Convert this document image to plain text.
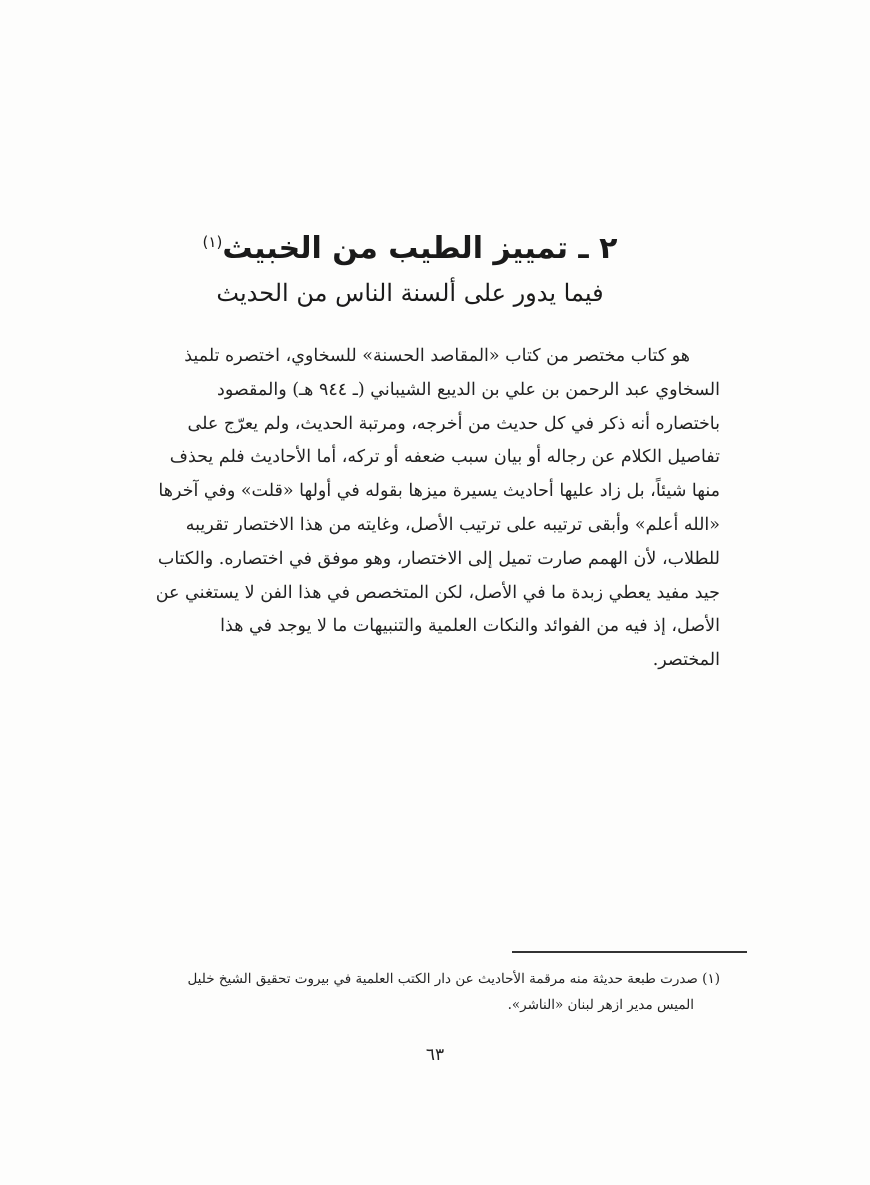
٢ ـ تمييز الطيب من الخبيث$^{(١)}$
فيما يدور على ألسنة الناس من الحديث
هو كتاب مختصر من كتاب «المقاصد الحسنة» للسخاوي، اختصره تلميذ
السخاوي عبد الرحمن بن علي بن الديبع الشيباني (ـ ٩٤٤ هـ) والمقصود
باختصاره أنه ذكر في كل حديث من أخرجه، ومرتبة الحديث، ولم يعرّج على
تفاصيل الكلام عن رجاله أو بيان سبب ضعفه أو تركه، أما الأحاديث فلم يحذف
منها شيئاً، بل زاد عليها أحاديث يسيرة ميزها بقوله في أولها «قلت» وفي آخرها
«الله أعلم» وأبقى ترتيبه على ترتيب الأصل، وغايته من هذا الاختصار تقريبه
للطلاب، لأن الهمم صارت تميل إلى الاختصار، وهو موفق في اختصاره. والكتاب
جيد مفيد يعطي زبدة ما في الأصل، لكن المتخصص في هذا الفن لا يستغني عن
الأصل، إذ فيه من الفوائد والنكات العلمية والتنبيهات ما لا يوجد في هذا
المختصر.
(١) صدرت طبعة حديثة منه مرقمة الأحاديث عن دار الكتب العلمية في بيروت تحقيق الشيخ خليل
الميس مدير ازهر لبنان «الناشر».
٦٣
